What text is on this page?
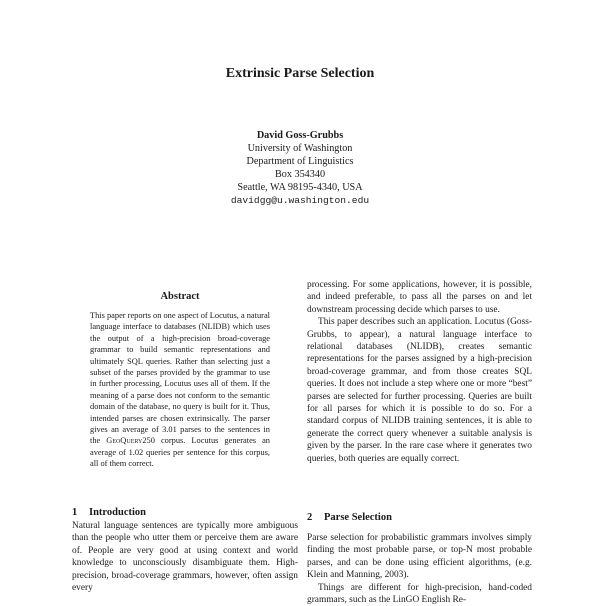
Extrinsic Parse Selection
David Goss-Grubbs
University of Washington
Department of Linguistics
Box 354340
Seattle, WA 98195-4340, USA
davidgg@u.washington.edu
Abstract
This paper reports on one aspect of Locutus, a natural language interface to databases (NLIDB) which uses the output of a high-precision broad-coverage grammar to build semantic representations and ultimately SQL queries. Rather than selecting just a subset of the parses provided by the grammar to use in further processing, Locutus uses all of them. If the meaning of a parse does not conform to the semantic domain of the database, no query is built for it. Thus, intended parses are chosen extrinsically. The parser gives an average of 3.01 parses to the sentences in the GeoQuery250 corpus. Locutus generates an average of 1.02 queries per sentence for this corpus, all of them correct.
1 Introduction

Natural language sentences are typically more ambiguous than the people who utter them or perceive them are aware of. People are very good at using context and world knowledge to unconsciously disambiguate them. High-precision, broad-coverage grammars, however, often assign every

processing. For some applications, however, it is possible, and indeed preferable, to pass all the parses on and let downstream processing decide which parses to use.

This paper describes such an application. Locutus (Goss-Grubbs, to appear), a natural language interface to relational databases (NLIDB), creates semantic representations for the parses assigned by a high-precision broad-coverage grammar, and from those creates SQL queries. It does not include a step where one or more “best” parses are selected for further processing. Queries are built for all parses for which it is possible to do so. For a standard corpus of NLIDB training sentences, it is able to generate the correct query whenever a suitable analysis is given by the parser. In the rare case where it generates two queries, both queries are equally correct.

2 Parse Selection

Parse selection for probabilistic grammars involves simply finding the most probable parse, or top-N most probable parses, and can be done using efficient algorithms, (e.g. Klein and Manning, 2003).

Things are different for high-precision, hand-coded grammars, such as the LinGO English Re-
